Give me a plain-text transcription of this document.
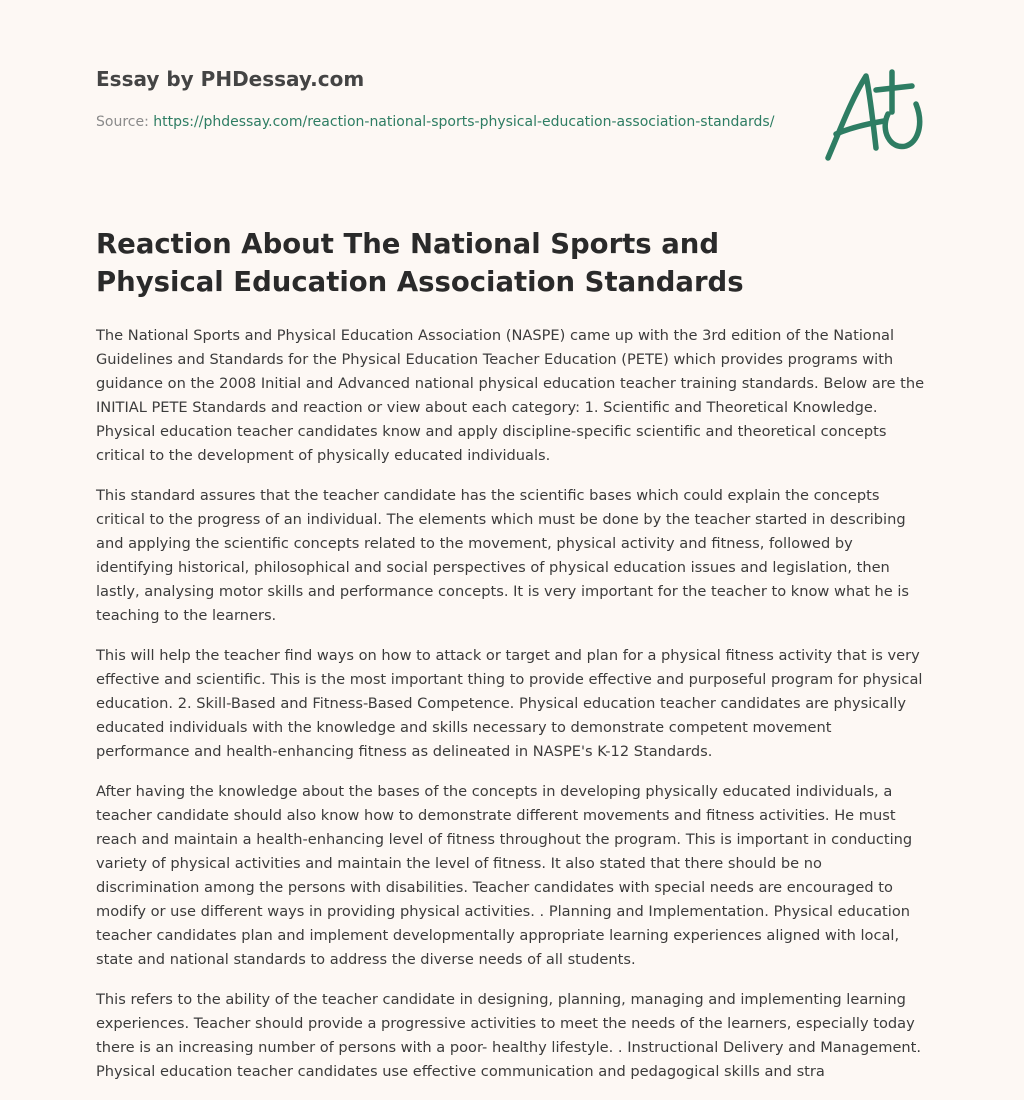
Essay by PHDessay.com
Source: https://phdessay.com/reaction-national-sports-physical-education-association-standards/
Reaction About The National Sports and Physical Education Association Standards

The National Sports and Physical Education Association (NASPE) came up with the 3rd edition of the National Guidelines and Standards for the Physical Education Teacher Education (PETE) which provides programs with guidance on the 2008 Initial and Advanced national physical education teacher training standards. Below are the INITIAL PETE Standards and reaction or view about each category: 1. Scientific and Theoretical Knowledge. Physical education teacher candidates know and apply discipline-specific scientific and theoretical concepts critical to the development of physically educated individuals.

This standard assures that the teacher candidate has the scientific bases which could explain the concepts critical to the progress of an individual. The elements which must be done by the teacher started in describing and applying the scientific concepts related to the movement, physical activity and fitness, followed by identifying historical, philosophical and social perspectives of physical education issues and legislation, then lastly, analysing motor skills and performance concepts. It is very important for the teacher to know what he is teaching to the learners.

This will help the teacher find ways on how to attack or target and plan for a physical fitness activity that is very effective and scientific. This is the most important thing to provide effective and purposeful program for physical education. 2. Skill-Based and Fitness-Based Competence. Physical education teacher candidates are physically educated individuals with the knowledge and skills necessary to demonstrate competent movement performance and health-enhancing fitness as delineated in NASPE's K-12 Standards.

After having the knowledge about the bases of the concepts in developing physically educated individuals, a teacher candidate should also know how to demonstrate different movements and fitness activities. He must reach and maintain a health-enhancing level of fitness throughout the program. This is important in conducting variety of physical activities and maintain the level of fitness. It also stated that there should be no discrimination among the persons with disabilities. Teacher candidates with special needs are encouraged to modify or use different ways in providing physical activities. . Planning and Implementation. Physical education teacher candidates plan and implement developmentally appropriate learning experiences aligned with local, state and national standards to address the diverse needs of all students.

This refers to the ability of the teacher candidate in designing, planning, managing and implementing learning experiences. Teacher should provide a progressive activities to meet the needs of the learners, especially today there is an increasing number of persons with a poor- healthy lifestyle. . Instructional Delivery and Management. Physical education teacher candidates use effective communication and pedagogical skills and stra
